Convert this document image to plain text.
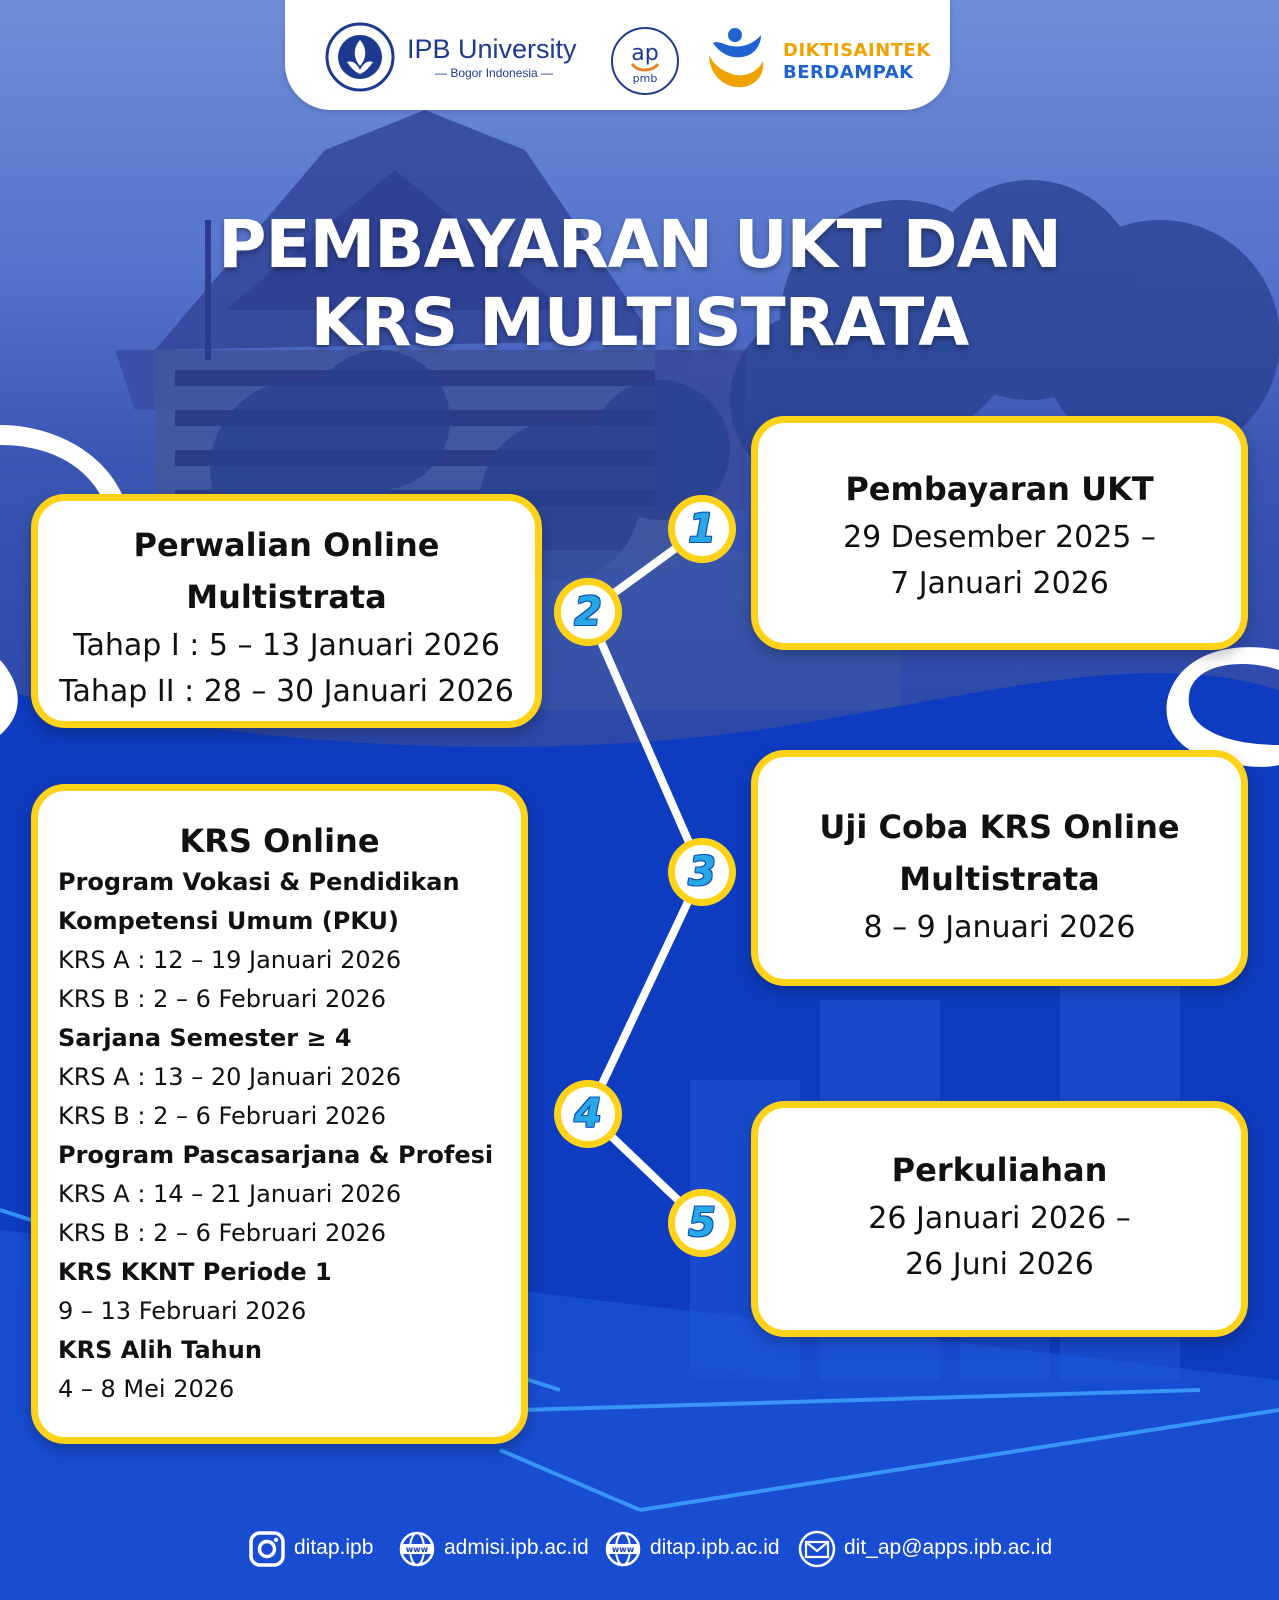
IPB University
— Bogor Indonesia —
ap
pmb
DIKTISAINTEK
BERDAMPAK
PEMBAYARAN UKT DAN
KRS MULTISTRATA
Pembayaran UKT
29 Desember 2025 –
7 Januari 2026
Perwalian Online
Multistrata
Tahap I : 5 – 13 Januari 2026
Tahap II : 28 – 30 Januari 2026
Uji Coba KRS Online
Multistrata
8 – 9 Januari 2026
KRS Online
Program Vokasi & Pendidikan
Kompetensi Umum (PKU)
KRS A : 12 – 19 Januari 2026
KRS B : 2 – 6 Februari 2026
Sarjana Semester ≥ 4
KRS A : 13 – 20 Januari 2026
KRS B : 2 – 6 Februari 2026
Program Pascasarjana & Profesi
KRS A : 14 – 21 Januari 2026
KRS B : 2 – 6 Februari 2026
KRS KKNT Periode 1
9 – 13 Februari 2026
KRS Alih Tahun
4 – 8 Mei 2026
Perkuliahan
26 Januari 2026 –
26 Juni 2026
1
2
3
4
5
ditap.ipb	www admisi.ipb.ac.id	www ditap.ipb.ac.id	dit_ap@apps.ipb.ac.id
